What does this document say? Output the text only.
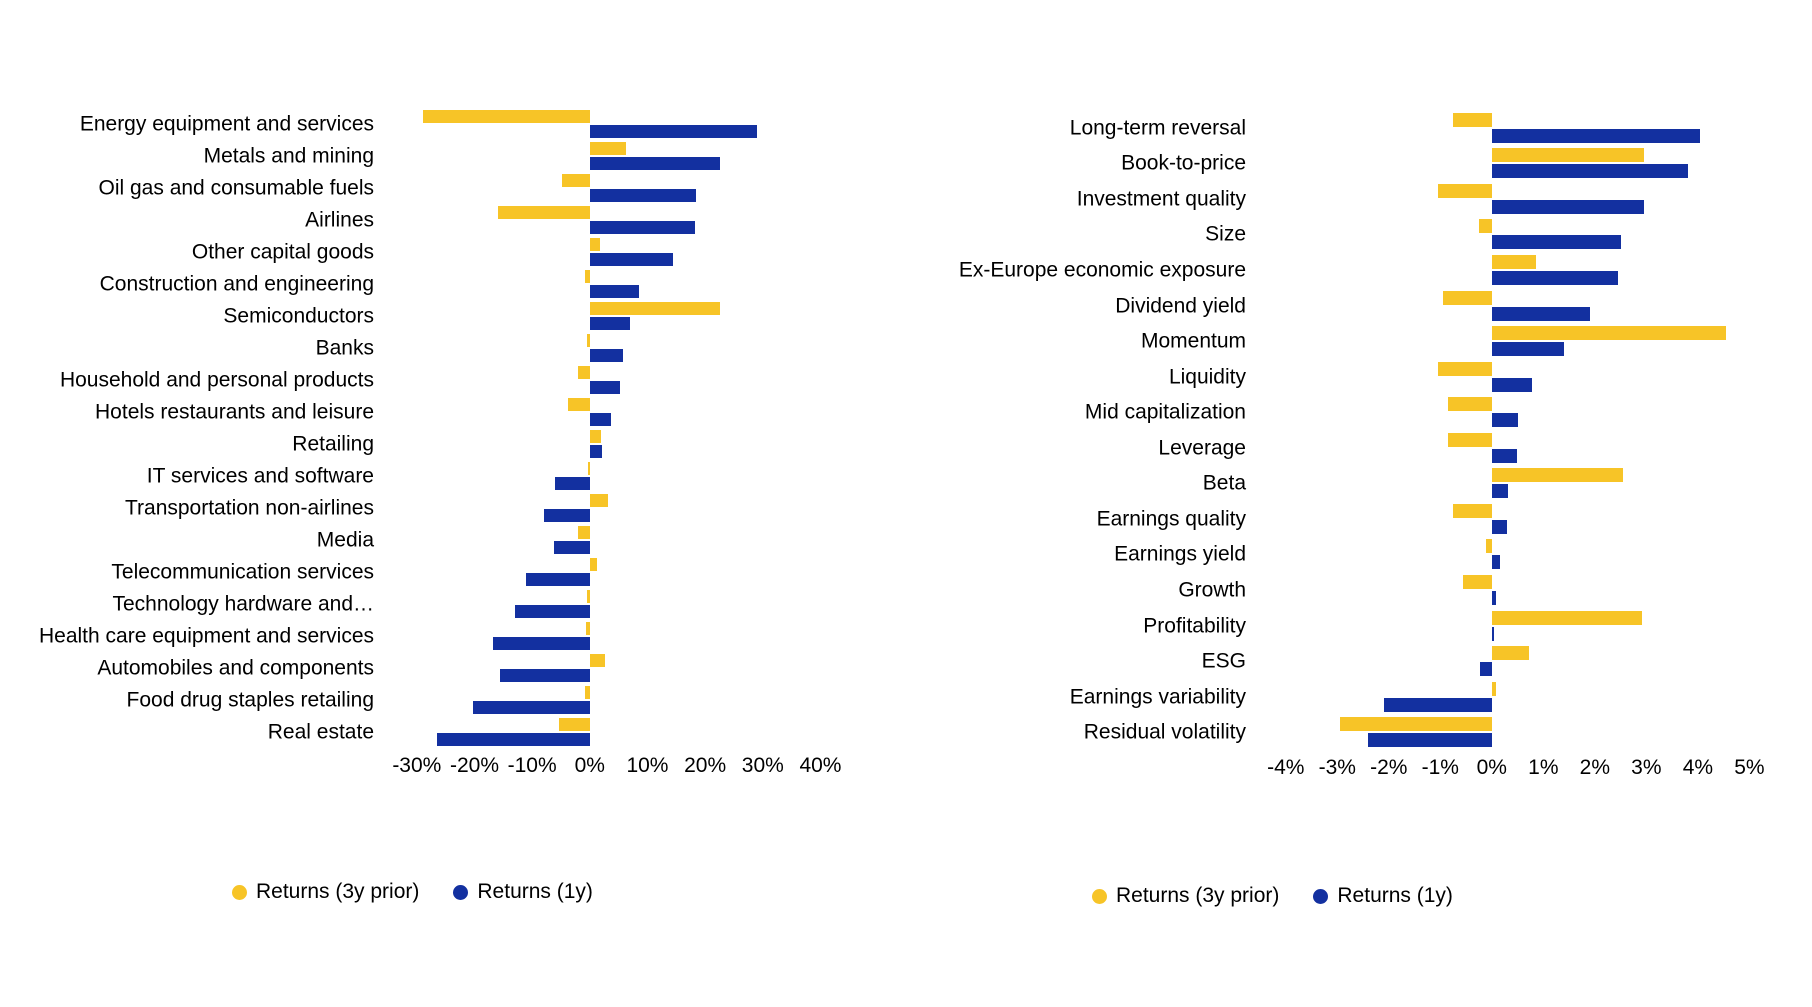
Energy equipment and services
Metals and mining
Oil gas and consumable fuels
Airlines
Other capital goods
Construction and engineering
Semiconductors
Banks
Household and personal products
Hotels restaurants and leisure
Retailing
IT services and software
Transportation non-airlines
Media
Telecommunication services
Technology hardware and…
Health care equipment and services
Automobiles and components
Food drug staples retailing
Real estate
-30% -20% -10% 0% 10% 20% 30% 40%
Returns (3y prior)	Returns (1y)
Long-term reversal
Book-to-price
Investment quality
Size
Ex-Europe economic exposure
Dividend yield
Momentum
Liquidity
Mid capitalization
Leverage
Beta
Earnings quality
Earnings yield
Growth
Profitability
ESG
Earnings variability
Residual volatility
-4% -3% -2% -1% 0% 1% 2% 3% 4% 5%
Returns (3y prior)	Returns (1y)
